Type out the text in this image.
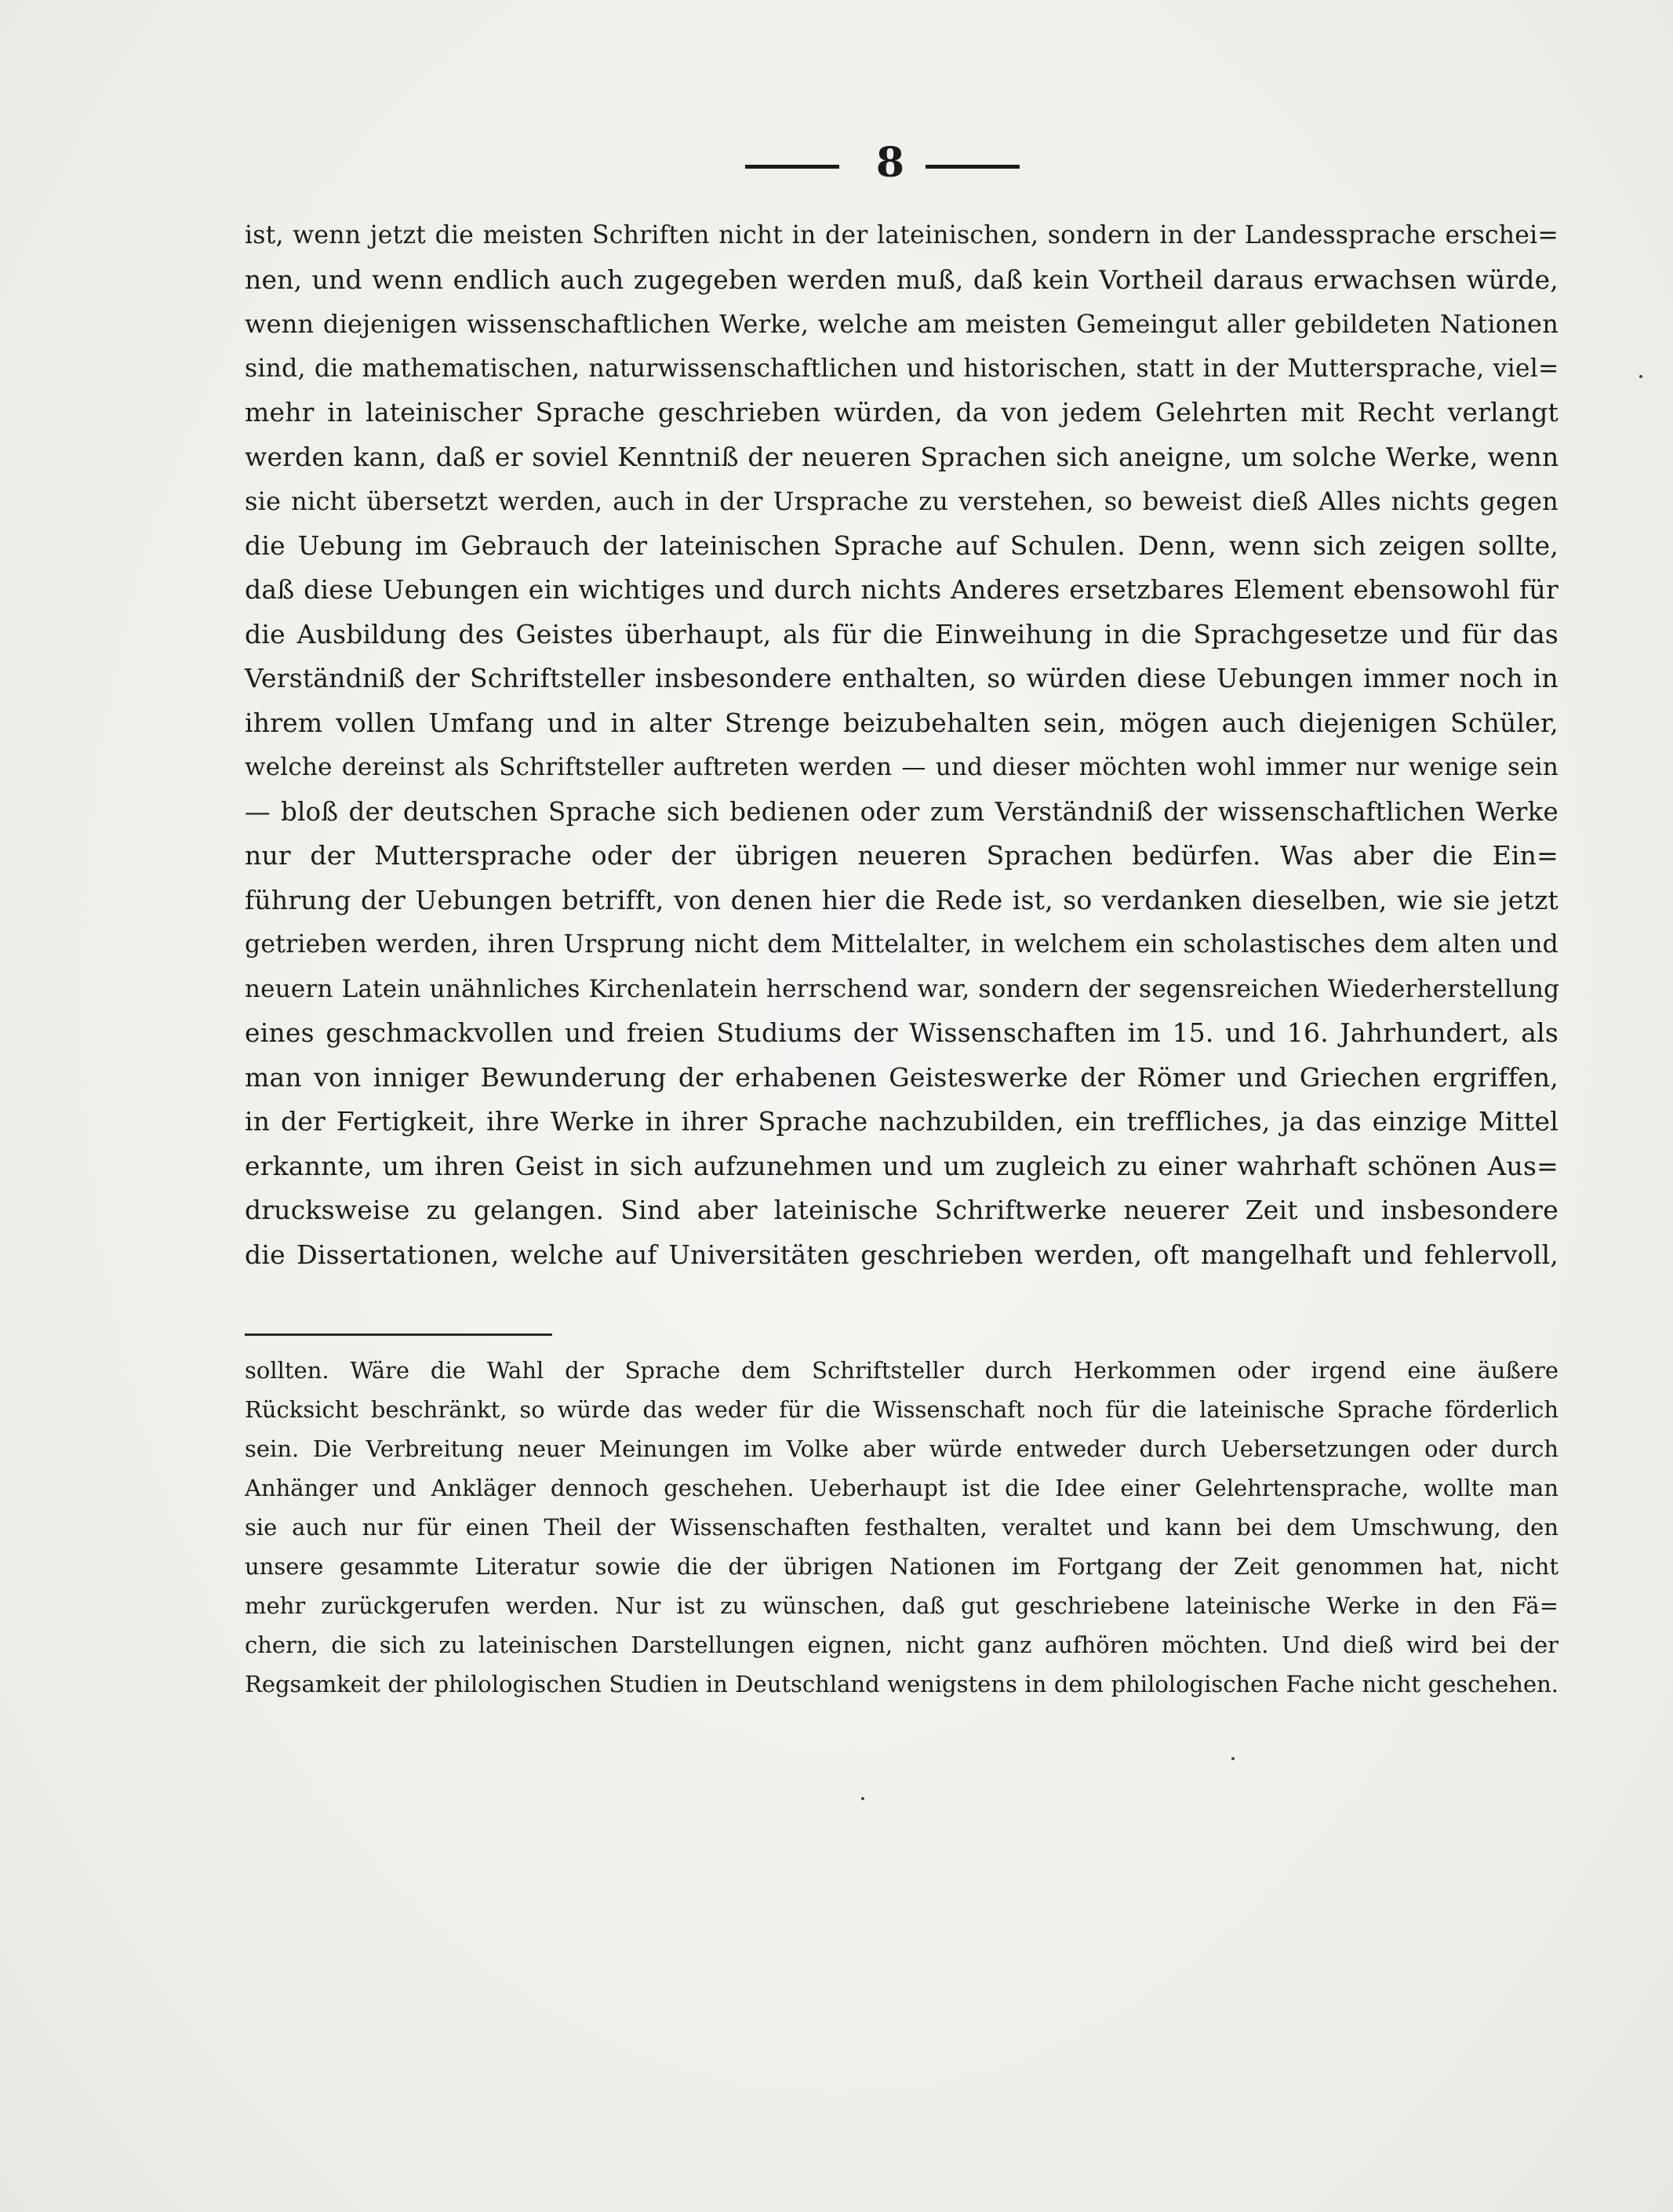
8
ist, wenn jetzt die meisten Schriften nicht in der lateinischen, sondern in der Landessprache erschei=
nen, und wenn endlich auch zugegeben werden muß, daß kein Vortheil daraus erwachsen würde,
wenn diejenigen wissenschaftlichen Werke, welche am meisten Gemeingut aller gebildeten Nationen
sind, die mathematischen, naturwissenschaftlichen und historischen, statt in der Muttersprache, viel=
mehr in lateinischer Sprache geschrieben würden, da von jedem Gelehrten mit Recht verlangt
werden kann, daß er soviel Kenntniß der neueren Sprachen sich aneigne, um solche Werke, wenn
sie nicht übersetzt werden, auch in der Ursprache zu verstehen, so beweist dieß Alles nichts gegen
die Uebung im Gebrauch der lateinischen Sprache auf Schulen. Denn, wenn sich zeigen sollte,
daß diese Uebungen ein wichtiges und durch nichts Anderes ersetzbares Element ebensowohl für
die Ausbildung des Geistes überhaupt, als für die Einweihung in die Sprachgesetze und für das
Verständniß der Schriftsteller insbesondere enthalten, so würden diese Uebungen immer noch in
ihrem vollen Umfang und in alter Strenge beizubehalten sein, mögen auch diejenigen Schüler,
welche dereinst als Schriftsteller auftreten werden — und dieser möchten wohl immer nur wenige sein
— bloß der deutschen Sprache sich bedienen oder zum Verständniß der wissenschaftlichen Werke
nur der Muttersprache oder der übrigen neueren Sprachen bedürfen. Was aber die Ein=
führung der Uebungen betrifft, von denen hier die Rede ist, so verdanken dieselben, wie sie jetzt
getrieben werden, ihren Ursprung nicht dem Mittelalter, in welchem ein scholastisches dem alten und
neuern Latein unähnliches Kirchenlatein herrschend war, sondern der segensreichen Wiederherstellung
eines geschmackvollen und freien Studiums der Wissenschaften im 15. und 16. Jahrhundert, als
man von inniger Bewunderung der erhabenen Geisteswerke der Römer und Griechen ergriffen,
in der Fertigkeit, ihre Werke in ihrer Sprache nachzubilden, ein treffliches, ja das einzige Mittel
erkannte, um ihren Geist in sich aufzunehmen und um zugleich zu einer wahrhaft schönen Aus=
drucksweise zu gelangen. Sind aber lateinische Schriftwerke neuerer Zeit und insbesondere
die Dissertationen, welche auf Universitäten geschrieben werden, oft mangelhaft und fehlervoll,
sollten. Wäre die Wahl der Sprache dem Schriftsteller durch Herkommen oder irgend eine äußere
Rücksicht beschränkt, so würde das weder für die Wissenschaft noch für die lateinische Sprache förderlich
sein. Die Verbreitung neuer Meinungen im Volke aber würde entweder durch Uebersetzungen oder durch
Anhänger und Ankläger dennoch geschehen. Ueberhaupt ist die Idee einer Gelehrtensprache, wollte man
sie auch nur für einen Theil der Wissenschaften festhalten, veraltet und kann bei dem Umschwung, den
unsere gesammte Literatur sowie die der übrigen Nationen im Fortgang der Zeit genommen hat, nicht
mehr zurückgerufen werden. Nur ist zu wünschen, daß gut geschriebene lateinische Werke in den Fä=
chern, die sich zu lateinischen Darstellungen eignen, nicht ganz aufhören möchten. Und dieß wird bei der
Regsamkeit der philologischen Studien in Deutschland wenigstens in dem philologischen Fache nicht geschehen.
